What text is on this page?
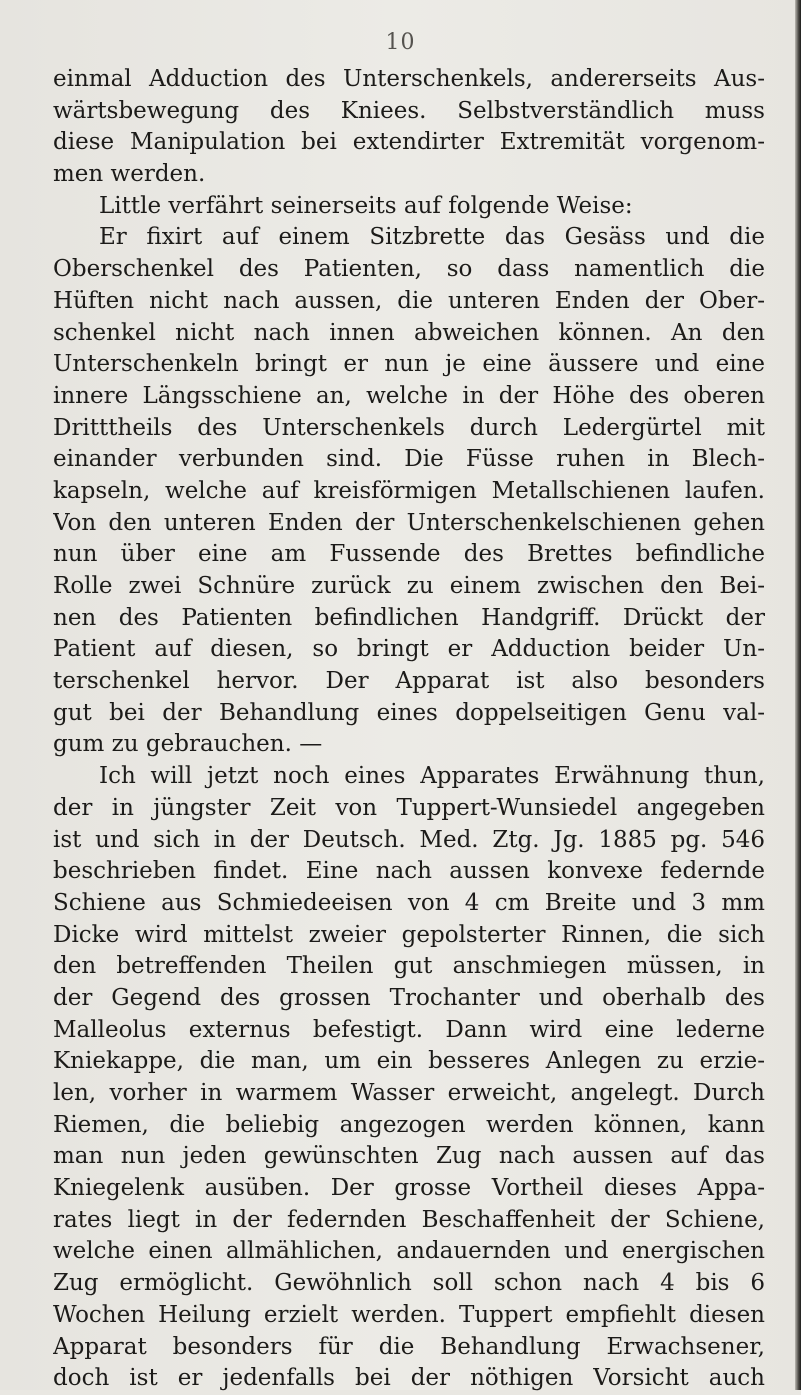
10
einmal Adduction des Unterschenkels, andererseits Aus-
wärtsbewegung des Kniees. Selbstverständlich muss
diese Manipulation bei extendirter Extremität vorgenom-
men werden.
Little verfährt seinerseits auf folgende Weise:
Er fixirt auf einem Sitzbrette das Gesäss und die
Oberschenkel des Patienten, so dass namentlich die
Hüften nicht nach aussen, die unteren Enden der Ober-
schenkel nicht nach innen abweichen können. An den
Unterschenkeln bringt er nun je eine äussere und eine
innere Längsschiene an, welche in der Höhe des oberen
Dritttheils des Unterschenkels durch Ledergürtel mit
einander verbunden sind. Die Füsse ruhen in Blech-
kapseln, welche auf kreisförmigen Metallschienen laufen.
Von den unteren Enden der Unterschenkelschienen gehen
nun über eine am Fussende des Brettes befindliche
Rolle zwei Schnüre zurück zu einem zwischen den Bei-
nen des Patienten befindlichen Handgriff. Drückt der
Patient auf diesen, so bringt er Adduction beider Un-
terschenkel hervor. Der Apparat ist also besonders
gut bei der Behandlung eines doppelseitigen Genu val-
gum zu gebrauchen. —
Ich will jetzt noch eines Apparates Erwähnung thun,
der in jüngster Zeit von Tuppert-Wunsiedel angegeben
ist und sich in der Deutsch. Med. Ztg. Jg. 1885 pg. 546
beschrieben findet. Eine nach aussen konvexe federnde
Schiene aus Schmiedeeisen von 4 cm Breite und 3 mm
Dicke wird mittelst zweier gepolsterter Rinnen, die sich
den betreffenden Theilen gut anschmiegen müssen, in
der Gegend des grossen Trochanter und oberhalb des
Malleolus externus befestigt. Dann wird eine lederne
Kniekappe, die man, um ein besseres Anlegen zu erzie-
len, vorher in warmem Wasser erweicht, angelegt. Durch
Riemen, die beliebig angezogen werden können, kann
man nun jeden gewünschten Zug nach aussen auf das
Kniegelenk ausüben. Der grosse Vortheil dieses Appa-
rates liegt in der federnden Beschaffenheit der Schiene,
welche einen allmählichen, andauernden und energischen
Zug ermöglicht. Gewöhnlich soll schon nach 4 bis 6
Wochen Heilung erzielt werden. Tuppert empfiehlt diesen
Apparat besonders für die Behandlung Erwachsener,
doch ist er jedenfalls bei der nöthigen Vorsicht auch
